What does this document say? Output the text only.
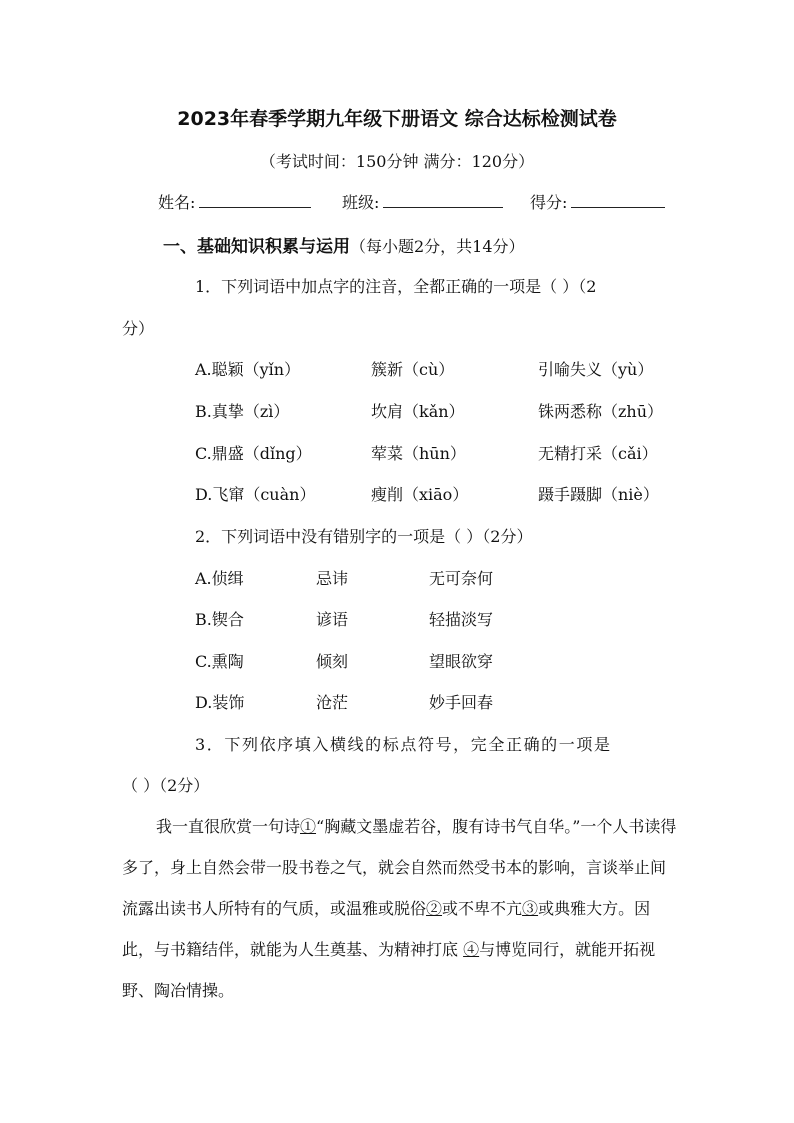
2023年春季学期九年级下册语文 综合达标检测试卷
（考试时间：150分钟 满分：120分）
姓名:	班级:	得分:
一、基础知识积累与运用（每小题2分，共14分）
1．下列词语中加点字的注音，全都正确的一项是（ ）（2
分）
A.聪颖（yǐn）	簇新（cù）	引喻失义（yù）
B.真挚（zì）	坎肩（kǎn）	铢两悉称（zhū）
C.鼎盛（dǐng）	荤菜（hūn）	无精打采（cǎi）
D.飞窜（cuàn）	瘦削（xiāo）	蹑手蹑脚（niè）
2．下列词语中没有错别字的一项是（ ）（2分）
A.侦缉	忌讳	无可奈何
B.锲合	谚语	轻描淡写
C.熏陶	倾刻	望眼欲穿
D.装饰	沧茫	妙手回春
3．下列依序填入横线的标点符号，完全正确的一项是
（ ）（2分）
我一直很欣赏一句诗①“胸藏文墨虚若谷，腹有诗书气自华。”一个人书读得多了，身上自然会带一股书卷之气，就会自然而然受书本的影响，言谈举止间流露出读书人所特有的气质，或温雅或脱俗②或不卑不亢③或典雅大方。因此，与书籍结伴，就能为人生奠基、为精神打底 ④与博览同行，就能开拓视野、陶冶情操。
